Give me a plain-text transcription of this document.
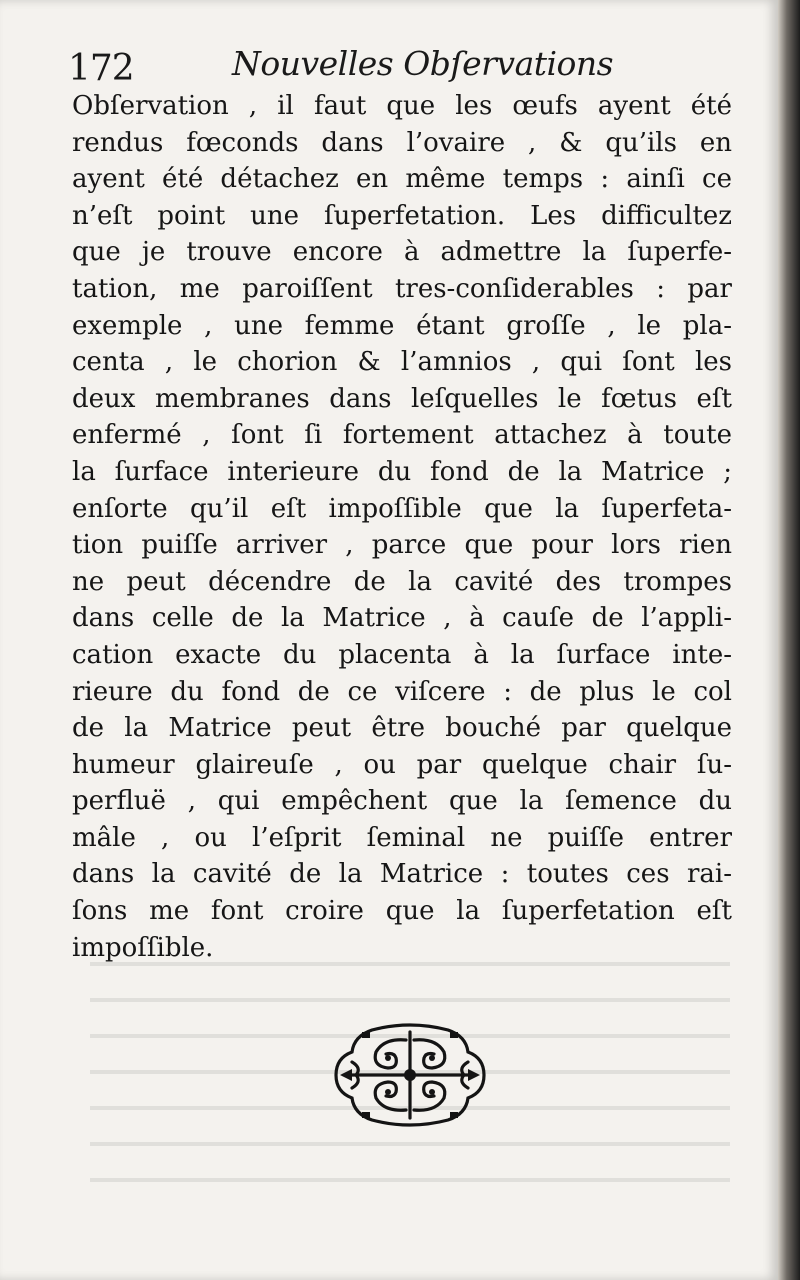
172	Nouvelles Obſervations
Obſervation , il faut que les œufs ayent été
rendus fœconds dans l’ovaire , & qu’ils en
ayent été détachez en même temps : ainſi ce
n’eſt point une ſuperfetation. Les difficultez
que je trouve encore à admettre la ſuperfe-
tation, me paroiſſent tres-conſiderables : par
exemple , une femme étant groſſe , le pla-
centa , le chorion & l’amnios , qui ſont les
deux membranes dans leſquelles le fœtus eſt
enfermé , ſont ſi fortement attachez à toute
la ſurface interieure du fond de la Matrice ;
enſorte qu’il eſt impoſſible que la ſuperfeta-
tion puiſſe arriver , parce que pour lors rien
ne peut décendre de la cavité des trompes
dans celle de la Matrice , à cauſe de l’appli-
cation exacte du placenta à la ſurface inte-
rieure du fond de ce viſcere : de plus le col
de la Matrice peut être bouché par quelque
humeur glaireuſe , ou par quelque chair ſu-
perfluë , qui empêchent que la ſemence du
mâle , ou l’eſprit ſeminal ne puiſſe entrer
dans la cavité de la Matrice : toutes ces rai-
ſons me font croire que la ſuperfetation eſt
impoſſible.
